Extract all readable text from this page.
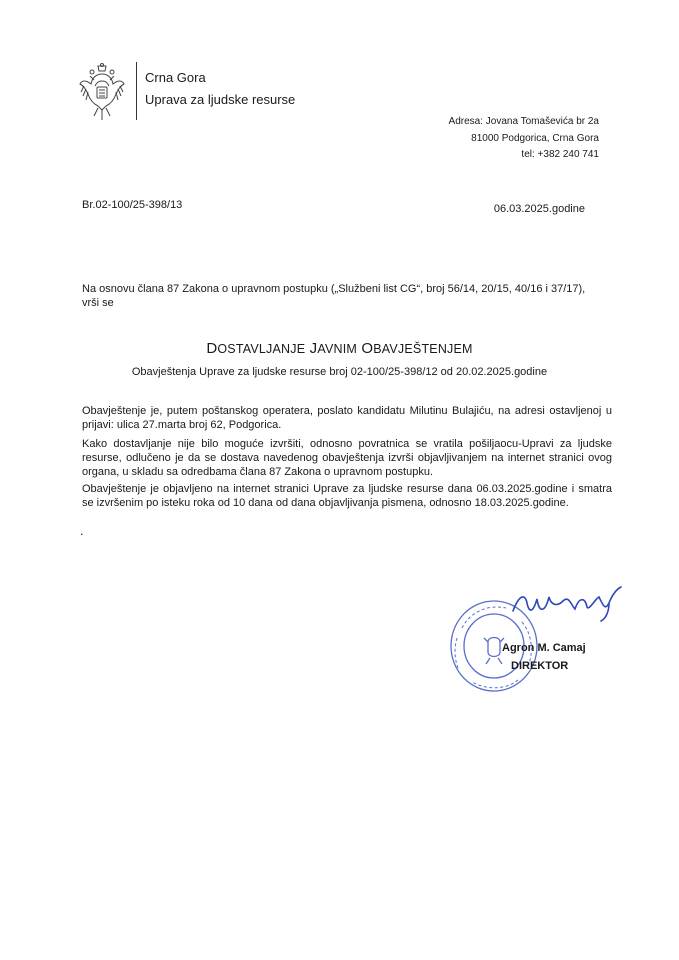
Crna Gora
Uprava za ljudske resurse
Adresa: Jovana Tomaševića br 2a
81000 Podgorica, Crna Gora
tel: +382 240 741
Br.02-100/25-398/13	06.03.2025.godine
Na osnovu člana 87 Zakona o upravnom postupku („Službeni list CG“, broj 56/14, 20/15, 40/16 i 37/17),
vrši se
DOSTAVLJANJE JAVNIM OBAVJEŠTENJEM
Obavještenja Uprave za ljudske resurse broj 02-100/25-398/12 od 20.02.2025.godine
Obavještenje je, putem poštanskog operatera, poslato kandidatu Milutinu Bulajiću, na adresi ostavljenoj u prijavi: ulica 27.marta broj 62, Podgorica.
Kako dostavljanje nije bilo moguće izvršiti, odnosno povratnica se vratila pošiljaocu-Upravi za ljudske resurse, odlučeno je da se dostava navedenog obavještenja izvrši objavljivanjem na internet stranici ovog organa, u skladu sa odredbama člana 87 Zakona o upravnom postupku.
Obavještenje je objavljeno na internet stranici Uprave za ljudske resurse dana 06.03.2025.godine i smatra se izvršenim po isteku roka od 10 dana od dana objavljivanja pismena, odnosno 18.03.2025.godine.
.
Agron M. Camaj
DIREKTOR
